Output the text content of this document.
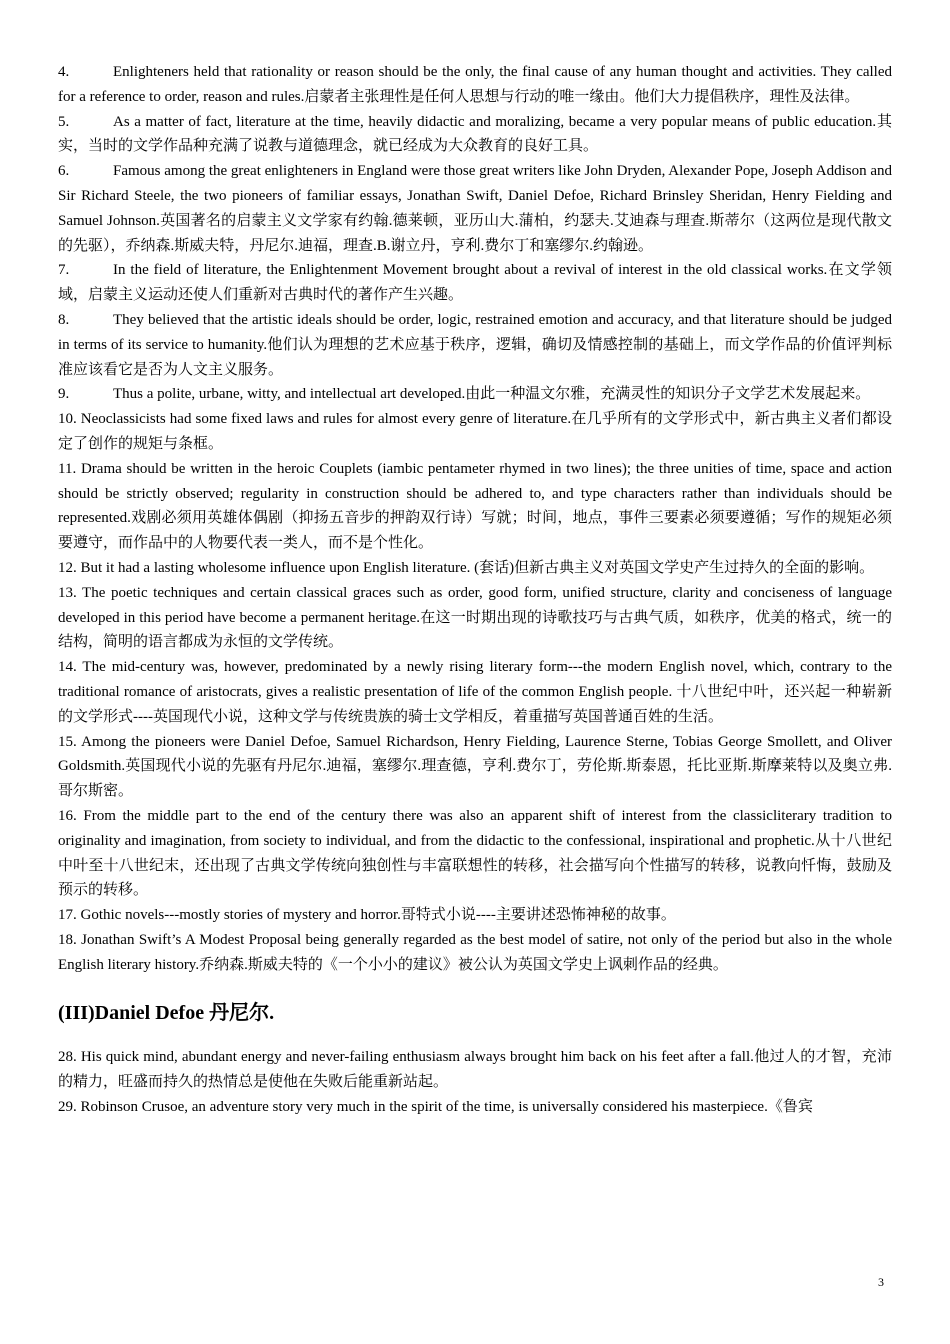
4.	Enlighteners held that rationality or reason should be the only, the final cause of any human thought and activities. They called for a reference to order, reason and rules.启蒙者主张理性是任何人思想与行动的唯一缘由。他们大力提倡秩序，理性及法律。

5.	As a matter of fact, literature at the time, heavily didactic and moralizing, became a very popular means of public education.其实，当时的文学作品种充满了说教与道德理念，就已经成为大众教育的良好工具。

6.	Famous among the great enlighteners in England were those great writers like John Dryden, Alexander Pope, Joseph Addison and Sir Richard Steele, the two pioneers of familiar essays, Jonathan Swift, Daniel Defoe, Richard Brinsley Sheridan, Henry Fielding and Samuel Johnson.英国著名的启蒙主义文学家有约翰.德莱顿，亚历山大.蒲柏，约瑟夫.艾迪森与理查.斯蒂尔（这两位是现代散文的先驱），乔纳森.斯威夫特，丹尼尔.迪福，理查.B.谢立丹，亨利.费尔丁和塞缪尔.约翰逊。

7.	In the field of literature, the Enlightenment Movement brought about a revival of interest in the old classical works.在文学领域，启蒙主义运动还使人们重新对古典时代的著作产生兴趣。

8.	They believed that the artistic ideals should be order, logic, restrained emotion and accuracy, and that literature should be judged in terms of its service to humanity.他们认为理想的艺术应基于秩序，逻辑，确切及情感控制的基础上，而文学作品的价值评判标准应该看它是否为人文主义服务。

9.	Thus a polite, urbane, witty, and intellectual art developed.由此一种温文尔雅，充满灵性的知识分子文学艺术发展起来。

10. Neoclassicists had some fixed laws and rules for almost every genre of literature.在几乎所有的文学形式中，新古典主义者们都设定了创作的规矩与条框。

11. Drama should be written in the heroic Couplets (iambic pentameter rhymed in two lines); the three unities of time, space and action should be strictly observed; regularity in construction should be adhered to, and type characters rather than individuals should be represented.戏剧必须用英雄体偶剧（抑扬五音步的押韵双行诗）写就；时间，地点，事件三要素必须要遵循；写作的规矩必须要遵守，而作品中的人物要代表一类人，而不是个性化。

12. But it had a lasting wholesome influence upon English literature. (套话)但新古典主义对英国文学史产生过持久的全面的影响。

13. The poetic techniques and certain classical graces such as order, good form, unified structure, clarity and conciseness of language developed in this period have become a permanent heritage.在这一时期出现的诗歌技巧与古典气质，如秩序，优美的格式，统一的结构，简明的语言都成为永恒的文学传统。

14. The mid-century was, however, predominated by a newly rising literary form---the modern English novel, which, contrary to the traditional romance of aristocrats, gives a realistic presentation of life of the common English people. 十八世纪中叶，还兴起一种崭新的文学形式----英国现代小说，这种文学与传统贵族的骑士文学相反，着重描写英国普通百姓的生活。

15. Among the pioneers were Daniel Defoe, Samuel Richardson, Henry Fielding, Laurence Sterne, Tobias George Smollett, and Oliver Goldsmith.英国现代小说的先驱有丹尼尔.迪福，塞缪尔.理查德，亨利.费尔丁，劳伦斯.斯泰恩，托比亚斯.斯摩莱特以及奥立弗.哥尔斯密。

16. From the middle part to the end of the century there was also an apparent shift of interest from the classicliterary tradition to originality and imagination, from society to individual, and from the didactic to the confessional, inspirational and prophetic.从十八世纪中叶至十八世纪末，还出现了古典文学传统向独创性与丰富联想性的转移，社会描写向个性描写的转移，说教向忏悔，鼓励及预示的转移。

17. Gothic novels---mostly stories of mystery and horror.哥特式小说----主要讲述恐怖神秘的故事。

18. Jonathan Swift’s A Modest Proposal being generally regarded as the best model of satire, not only of the period but also in the whole English literary history.乔纳森.斯威夫特的《一个小小的建议》被公认为英国文学史上讽刺作品的经典。

(III)Daniel Defoe 丹尼尔.

28. His quick mind, abundant energy and never-failing enthusiasm always brought him back on his feet after a fall.他过人的才智，充沛的精力，旺盛而持久的热情总是使他在失败后能重新站起。

29. Robinson Crusoe, an adventure story very much in the spirit of the time, is universally considered his masterpiece.《鲁宾

3
